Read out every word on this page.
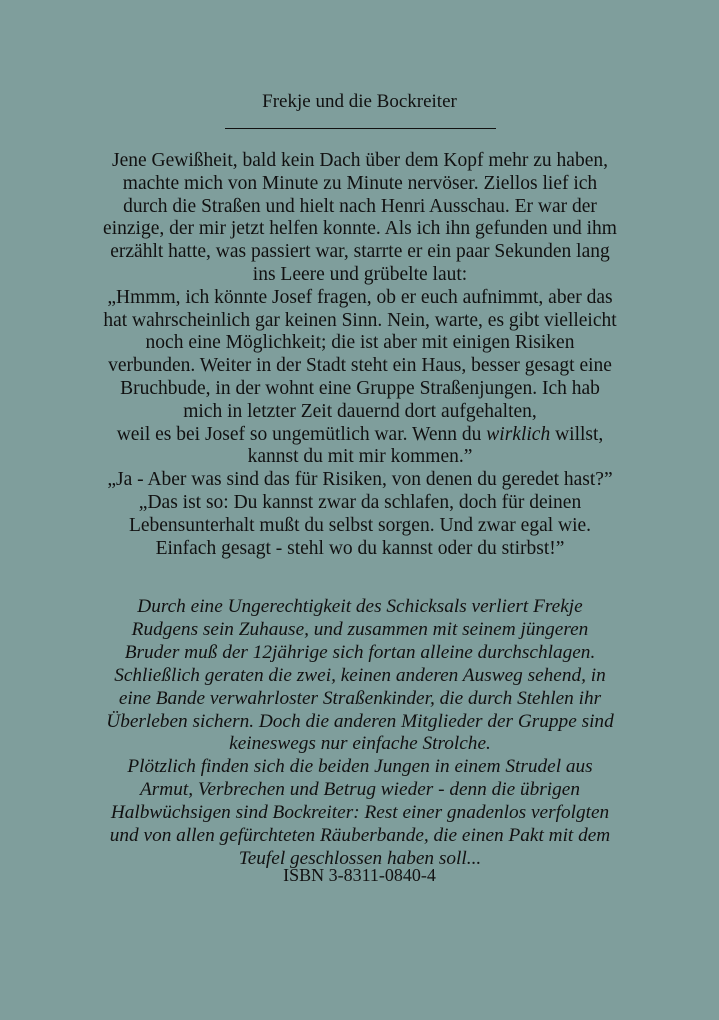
Frekje und die Bockreiter
Jene Gewißheit, bald kein Dach über dem Kopf mehr zu haben,
machte mich von Minute zu Minute nervöser. Ziellos lief ich
durch die Straßen und hielt nach Henri Ausschau. Er war der
einzige, der mir jetzt helfen konnte. Als ich ihn gefunden und ihm
erzählt hatte, was passiert war, starrte er ein paar Sekunden lang
ins Leere und grübelte laut:
„Hmmm, ich könnte Josef fragen, ob er euch aufnimmt, aber das
hat wahrscheinlich gar keinen Sinn. Nein, warte, es gibt vielleicht
noch eine Möglichkeit; die ist aber mit einigen Risiken
verbunden. Weiter in der Stadt steht ein Haus, besser gesagt eine
Bruchbude, in der wohnt eine Gruppe Straßenjungen. Ich hab
mich in letzter Zeit dauernd dort aufgehalten,
weil es bei Josef so ungemütlich war. Wenn du wirklich willst,
kannst du mit mir kommen.”
„Ja - Aber was sind das für Risiken, von denen du geredet hast?”
„Das ist so: Du kannst zwar da schlafen, doch für deinen
Lebensunterhalt mußt du selbst sorgen. Und zwar egal wie.
Einfach gesagt - stehl wo du kannst oder du stirbst!”
Durch eine Ungerechtigkeit des Schicksals verliert Frekje
Rudgens sein Zuhause, und zusammen mit seinem jüngeren
Bruder muß der 12jährige sich fortan alleine durchschlagen.
Schließlich geraten die zwei, keinen anderen Ausweg sehend, in
eine Bande verwahrloster Straßenkinder, die durch Stehlen ihr
Überleben sichern. Doch die anderen Mitglieder der Gruppe sind
keineswegs nur einfache Strolche.
Plötzlich finden sich die beiden Jungen in einem Strudel aus
Armut, Verbrechen und Betrug wieder - denn die übrigen
Halbwüchsigen sind Bockreiter: Rest einer gnadenlos verfolgten
und von allen gefürchteten Räuberbande, die einen Pakt mit dem
Teufel geschlossen haben soll...
ISBN 3-8311-0840-4
